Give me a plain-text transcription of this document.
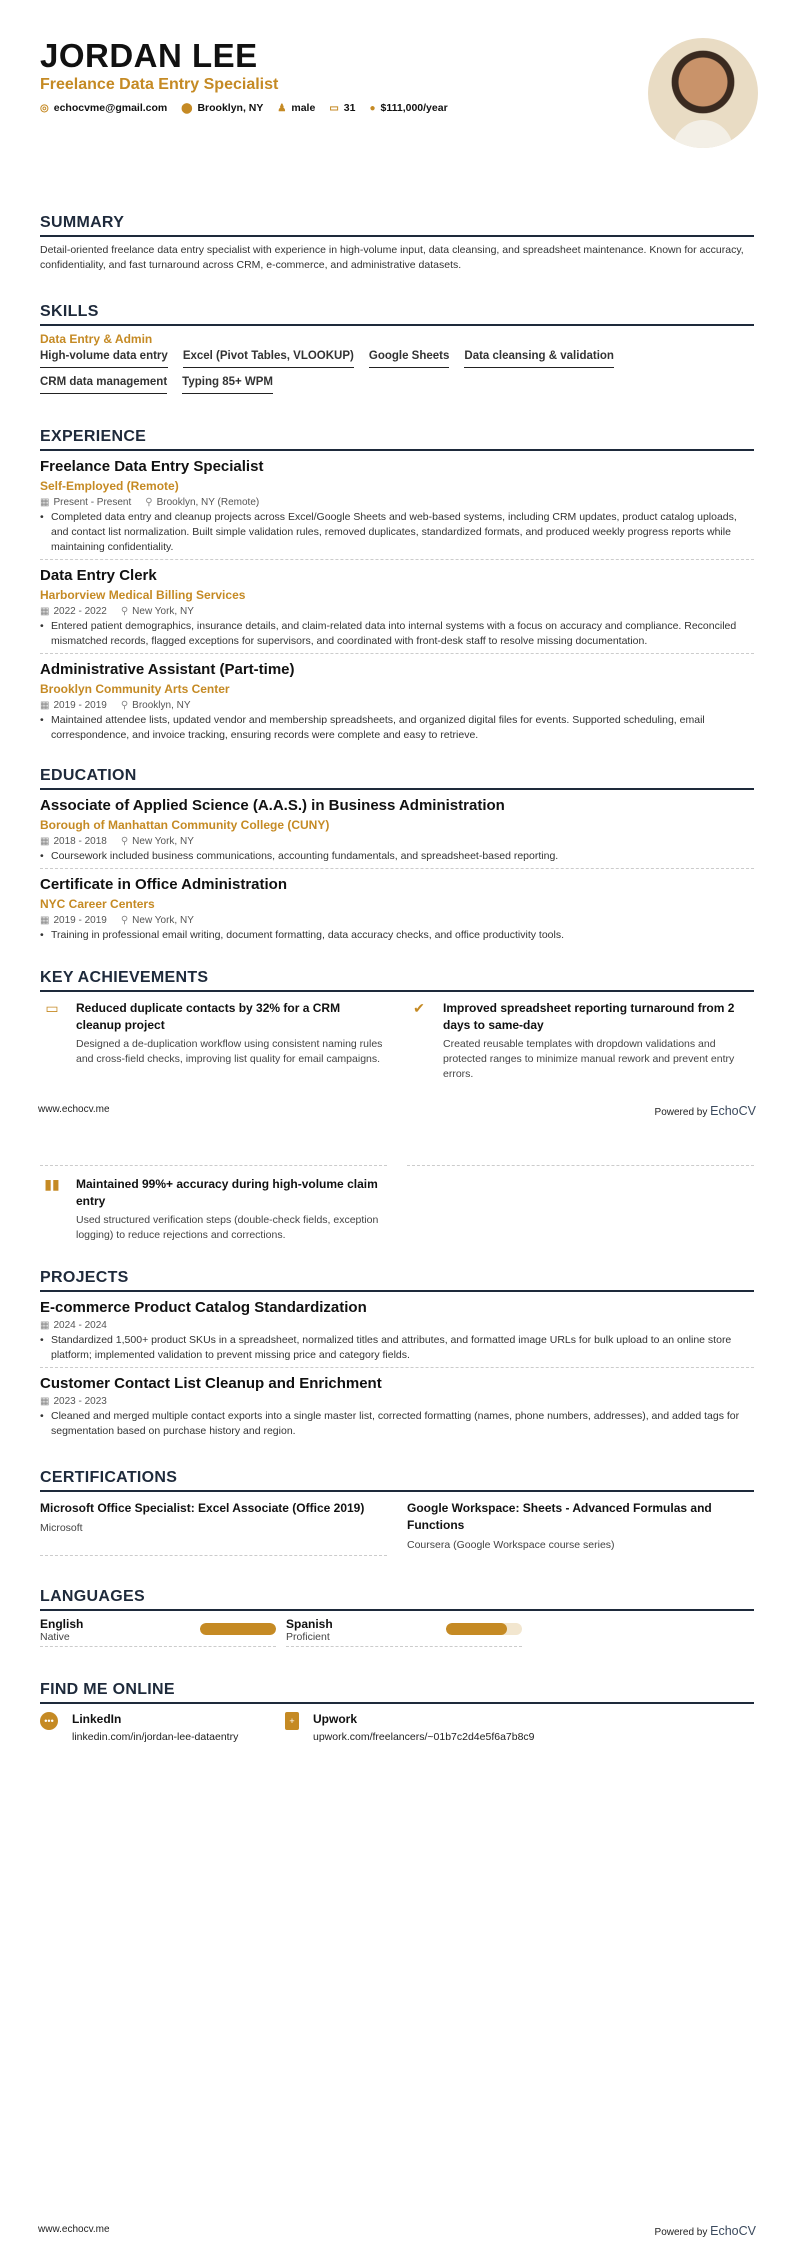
JORDAN LEE
Freelance Data Entry Specialist
◎ echocvme@gmail.com ⬤ Brooklyn, NY ♟ male ▭ 31 ● $111,000/year
SUMMARY
Detail-oriented freelance data entry specialist with experience in high-volume input, data cleansing, and spreadsheet maintenance. Known for accuracy, confidentiality, and fast turnaround across CRM, e-commerce, and administrative datasets.
SKILLS
Data Entry & Admin
High-volume data entry Excel (Pivot Tables, VLOOKUP) Google Sheets Data cleansing & validation
CRM data management Typing 85+ WPM
EXPERIENCE
Freelance Data Entry Specialist
Self-Employed (Remote)
▦ Present - Present ⚲ Brooklyn, NY (Remote)
• Completed data entry and cleanup projects across Excel/Google Sheets and web-based systems, including CRM updates, product catalog uploads, and contact list normalization. Built simple validation rules, removed duplicates, standardized formats, and produced weekly progress reports while maintaining confidentiality.
Data Entry Clerk
Harborview Medical Billing Services
▦ 2022 - 2022 ⚲ New York, NY
• Entered patient demographics, insurance details, and claim-related data into internal systems with a focus on accuracy and compliance. Reconciled mismatched records, flagged exceptions for supervisors, and coordinated with front-desk staff to resolve missing documentation.
Administrative Assistant (Part-time)
Brooklyn Community Arts Center
▦ 2019 - 2019 ⚲ Brooklyn, NY
• Maintained attendee lists, updated vendor and membership spreadsheets, and organized digital files for events. Supported scheduling, email correspondence, and invoice tracking, ensuring records were complete and easy to retrieve.
EDUCATION
Associate of Applied Science (A.A.S.) in Business Administration
Borough of Manhattan Community College (CUNY)
▦ 2018 - 2018 ⚲ New York, NY
• Coursework included business communications, accounting fundamentals, and spreadsheet-based reporting.
Certificate in Office Administration
NYC Career Centers
▦ 2019 - 2019 ⚲ New York, NY
• Training in professional email writing, document formatting, data accuracy checks, and office productivity tools.
KEY ACHIEVEMENTS
▭	Reduced duplicate contacts by 32% for a CRM cleanup project
Designed a de-duplication workflow using consistent naming rules and cross-field checks, improving list quality for email campaigns.
✔	Improved spreadsheet reporting turnaround from 2 days to same-day
Created reusable templates with dropdown validations and protected ranges to minimize manual rework and prevent entry errors.
www.echocv.me	Powered by EchoCV
▮▮	Maintained 99%+ accuracy during high-volume claim entry
Used structured verification steps (double-check fields, exception logging) to reduce rejections and corrections.
PROJECTS
E-commerce Product Catalog Standardization
▦ 2024 - 2024
• Standardized 1,500+ product SKUs in a spreadsheet, normalized titles and attributes, and formatted image URLs for bulk upload to an online store platform; implemented validation to prevent missing price and category fields.
Customer Contact List Cleanup and Enrichment
▦ 2023 - 2023
• Cleaned and merged multiple contact exports into a single master list, corrected formatting (names, phone numbers, addresses), and added tags for segmentation based on purchase history and region.
CERTIFICATIONS
Microsoft Office Specialist: Excel Associate (Office 2019)
Microsoft
Google Workspace: Sheets - Advanced Formulas and Functions
Coursera (Google Workspace course series)
LANGUAGES
English
Native
Spanish
Proficient
FIND ME ONLINE
•••	LinkedIn
linkedin.com/in/jordan-lee-dataentry
+	Upwork
upwork.com/freelancers/~01b7c2d4e5f6a7b8c9
www.echocv.me	Powered by EchoCV
